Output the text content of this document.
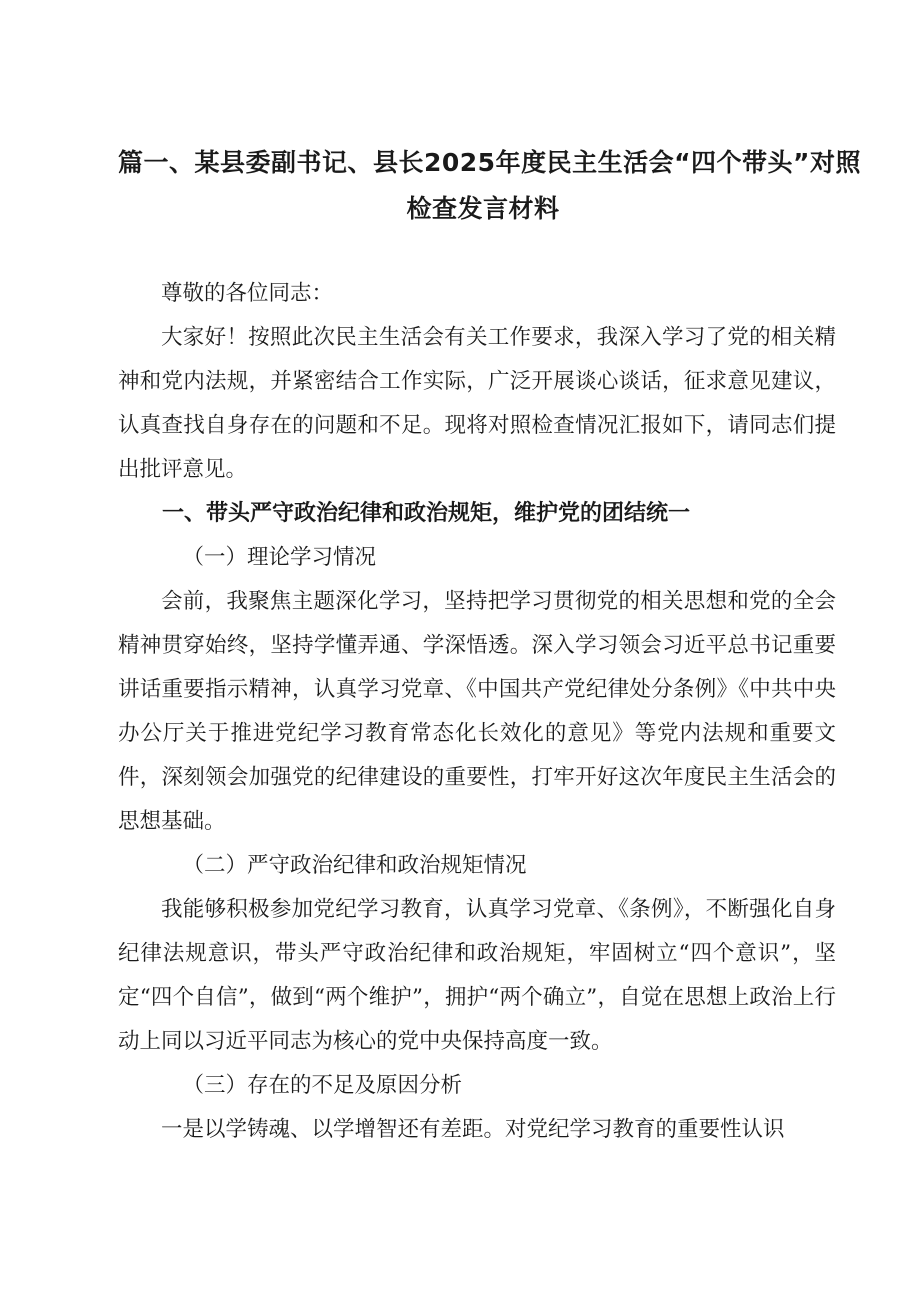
篇一、某县委副书记、县长2025年度民主生活会“四个带头”对照
检查发言材料

尊敬的各位同志：

大家好！按照此次民主生活会有关工作要求，我深入学习了党的相关精神和党内法规，并紧密结合工作实际，广泛开展谈心谈话，征求意见建议，认真查找自身存在的问题和不足。现将对照检查情况汇报如下，请同志们提出批评意见。

一、带头严守政治纪律和政治规矩，维护党的团结统一
（一）理论学习情况

会前，我聚焦主题深化学习，坚持把学习贯彻党的相关思想和党的全会精神贯穿始终，坚持学懂弄通、学深悟透。深入学习领会习近平总书记重要讲话重要指示精神，认真学习党章、《中国共产党纪律处分条例》《中共中央办公厅关于推进党纪学习教育常态化长效化的意见》等党内法规和重要文件，深刻领会加强党的纪律建设的重要性，打牢开好这次年度民主生活会的思想基础。

（二）严守政治纪律和政治规矩情况

我能够积极参加党纪学习教育，认真学习党章、《条例》，不断强化自身纪律法规意识，带头严守政治纪律和政治规矩，牢固树立“四个意识”，坚定“四个自信”，做到“两个维护”，拥护“两个确立”，自觉在思想上政治上行动上同以习近平同志为核心的党中央保持高度一致。

（三）存在的不足及原因分析

一是以学铸魂、以学增智还有差距。对党纪学习教育的重要性认识
